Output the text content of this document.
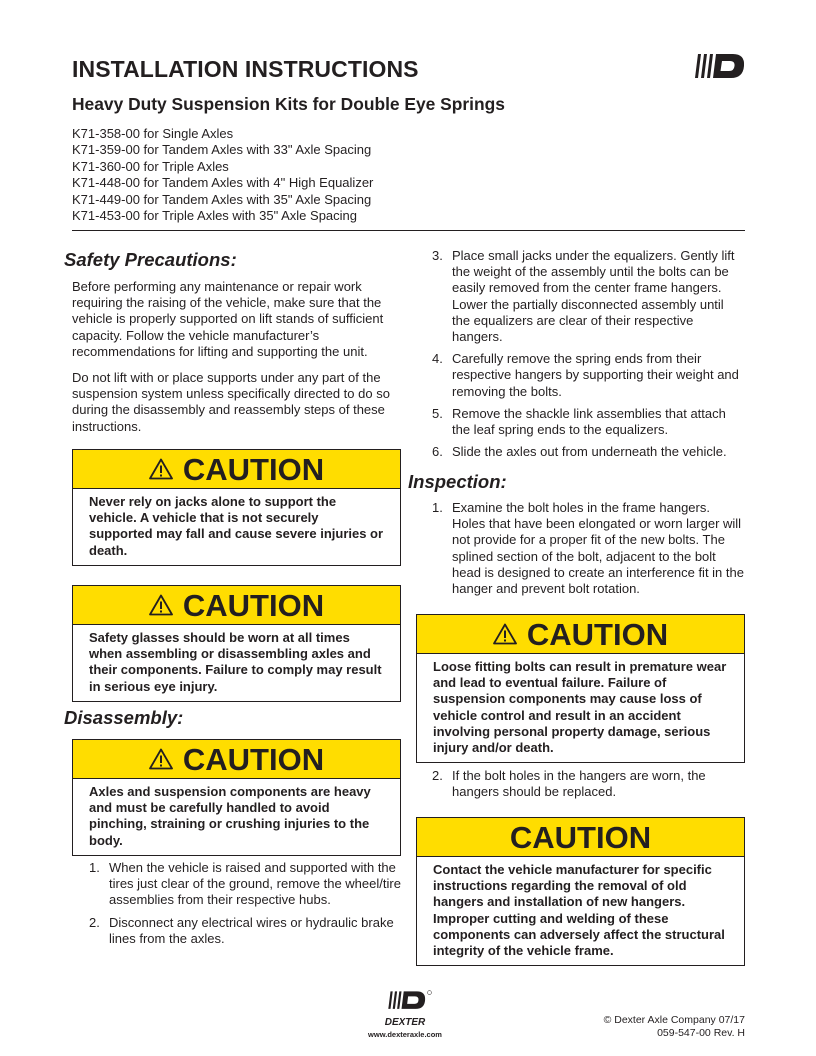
INSTALLATION INSTRUCTIONS
Heavy Duty Suspension Kits for Double Eye Springs
K71-358-00 for Single Axles
K71-359-00 for Tandem Axles with 33" Axle Spacing
K71-360-00 for Triple Axles
K71-448-00 for Tandem Axles with 4" High Equalizer
K71-449-00 for Tandem Axles with 35" Axle Spacing
K71-453-00 for Triple Axles with 35" Axle Spacing
Safety Precautions:

Before performing any maintenance or repair work requiring the raising of the vehicle, make sure that the vehicle is properly supported on lift stands of sufficient capacity. Follow the vehicle manufacturer’s recommendations for lifting and supporting the unit.

Do not lift with or place supports under any part of the suspension system unless specifically directed to do so during the disassembly and reassembly steps of these instructions.

CAUTION
Never rely on jacks alone to support the vehicle. A vehicle that is not securely supported may fall and cause severe injuries or death.
CAUTION
Safety glasses should be worn at all times when assembling or disassembling axles and their components. Failure to comply may result in serious eye injury.
Disassembly:
CAUTION
Axles and suspension components are heavy and must be carefully handled to avoid pinching, straining or crushing injuries to the body.
1. When the vehicle is raised and supported with the tires just clear of the ground, remove the wheel/tire assemblies from their respective hubs.
2. Disconnect any electrical wires or hydraulic brake lines from the axles.
3. Place small jacks under the equalizers. Gently lift the weight of the assembly until the bolts can be easily removed from the center frame hangers. Lower the partially disconnected assembly until the equalizers are clear of their respective hangers.
4. Carefully remove the spring ends from their respective hangers by supporting their weight and removing the bolts.
5. Remove the shackle link assemblies that attach the leaf spring ends to the equalizers.
6. Slide the axles out from underneath the vehicle.
Inspection:
1. Examine the bolt holes in the frame hangers. Holes that have been elongated or worn larger will not provide for a proper fit of the new bolts. The splined section of the bolt, adjacent to the bolt head is designed to create an interference fit in the hanger and prevent bolt rotation.
CAUTION
Loose fitting bolts can result in premature wear and lead to eventual failure. Failure of suspension components may cause loss of vehicle control and result in an accident involving personal property damage, serious injury and/or death.
2. If the bolt holes in the hangers are worn, the hangers should be replaced.
CAUTION
Contact the vehicle manufacturer for specific instructions regarding the removal of old hangers and installation of new hangers. Improper cutting and welding of these components can adversely affect the structural integrity of the vehicle frame.
DEXTER
www.dexteraxle.com
© Dexter Axle Company 07/17
059-547-00 Rev. H
